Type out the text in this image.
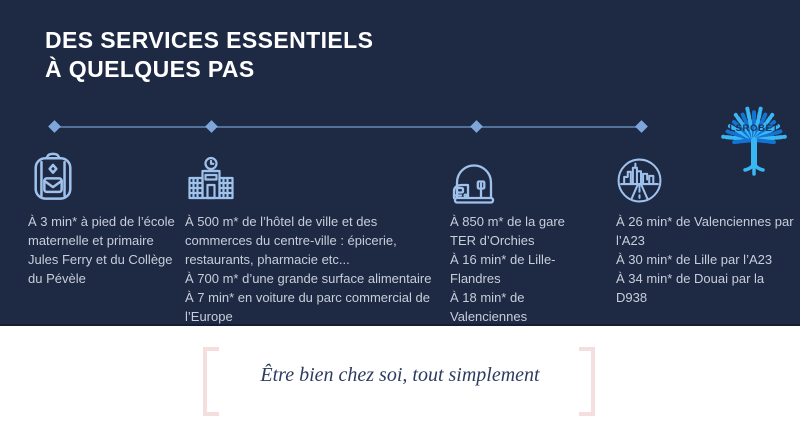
DES SERVICES ESSENTIELS
À QUELQUES PAS
À 3 min* à pied de l’école maternelle et primaire Jules Ferry et du Collège du Pévèle
À 500 m* de l’hôtel de ville et des commerces du centre-ville : épicerie, restaurants, pharmacie etc...
À 700 m* d’une grande surface alimentaire
À 7 min* en voiture du parc commercial de l’Europe
À 850 m* de la gare TER d’Orchies
À 16 min* de Lille-Flandres
À 18 min* de Valenciennes
À 26 min* de Valenciennes par l’A23
À 30 min* de Lille par l’A23
À 34 min* de Douai par la D938
LSROBET
Être bien chez soi, tout simplement
